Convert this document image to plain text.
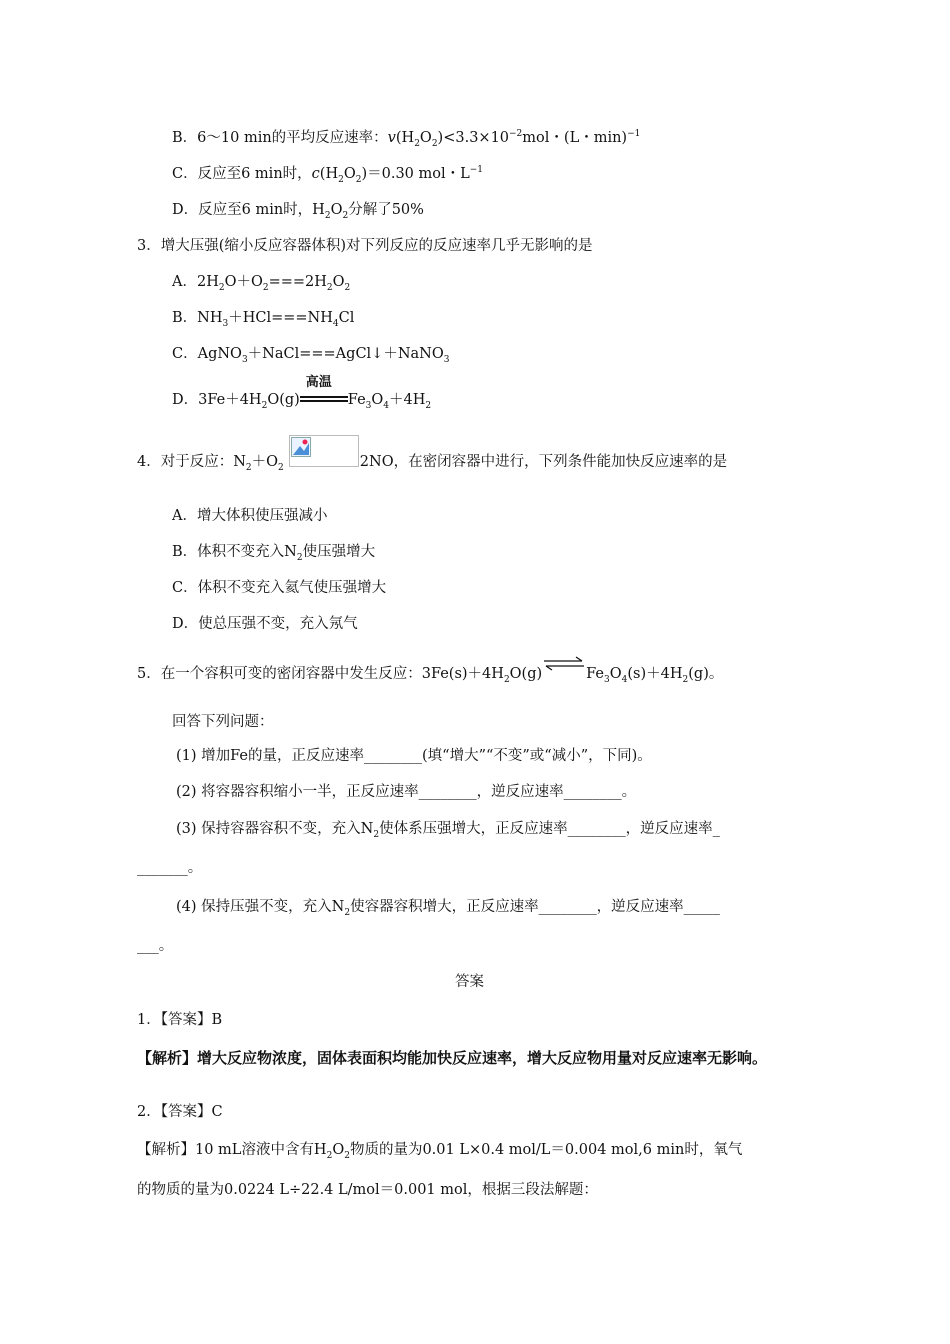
B．6～10 min的平均反应速率：$v(H_2O_2)<3.3\times 10^{-2}mol$・(L・min)$^{-1}$
C．反应至6 min时，$c(H_2O_2)=0.30$ mol・$L^{-1}$
D．反应至6 min时，$H_2O_2$分解了50%
3．增大压强(缩小反应容器体积)对下列反应的反应速率几乎无影响的是
A．$2H_2O+O_2===2H_2O_2$
B．$NH_3+HCl===NH_4Cl$
C．AgNO$_3$＋NaCl===AgCl↓＋NaNO$_3$
D．$3Fe+4H_2O(g)$
高温
$Fe_3O_4+4H_2$
4．对于反应：$N_2+O_2$	2NO，在密闭容器中进行，下列条件能加快反应速率的是
A．增大体积使压强减小
B．体积不变充入$N_2$使压强增大
C．体积不变充入氦气使压强增大
D．使总压强不变，充入氖气
5．在一个容积可变的密闭容器中发生反应：$3Fe(s)+4H_2O(g)\rightleftharpoons Fe_3O_4(s)+4H_2(g)$。
回答下列问题：
(1) 增加Fe的量，正反应速率________(填“增大”“不变”或“减小”，下同)。
(2) 将容器容积缩小一半，正反应速率________，逆反应速率________。
(3) 保持容器容积不变，充入$N_2$使体系压强增大，正反应速率________，逆反应速率_
_______。
(4) 保持压强不变，充入$N_2$使容器容积增大，正反应速率________，逆反应速率_____
___。
答案
1．【答案】B
【解析】增大反应物浓度，固体表面积均能加快反应速率，增大反应物用量对反应速率无影响。
2．【答案】C
【解析】10 mL溶液中含有$H_2O_2$物质的量为0.01 L×0.4 mol/L＝0.004 mol,6 min时，氧气
的物质的量为0.0224 L÷22.4 L/mol＝0.001 mol，根据三段法解题：
